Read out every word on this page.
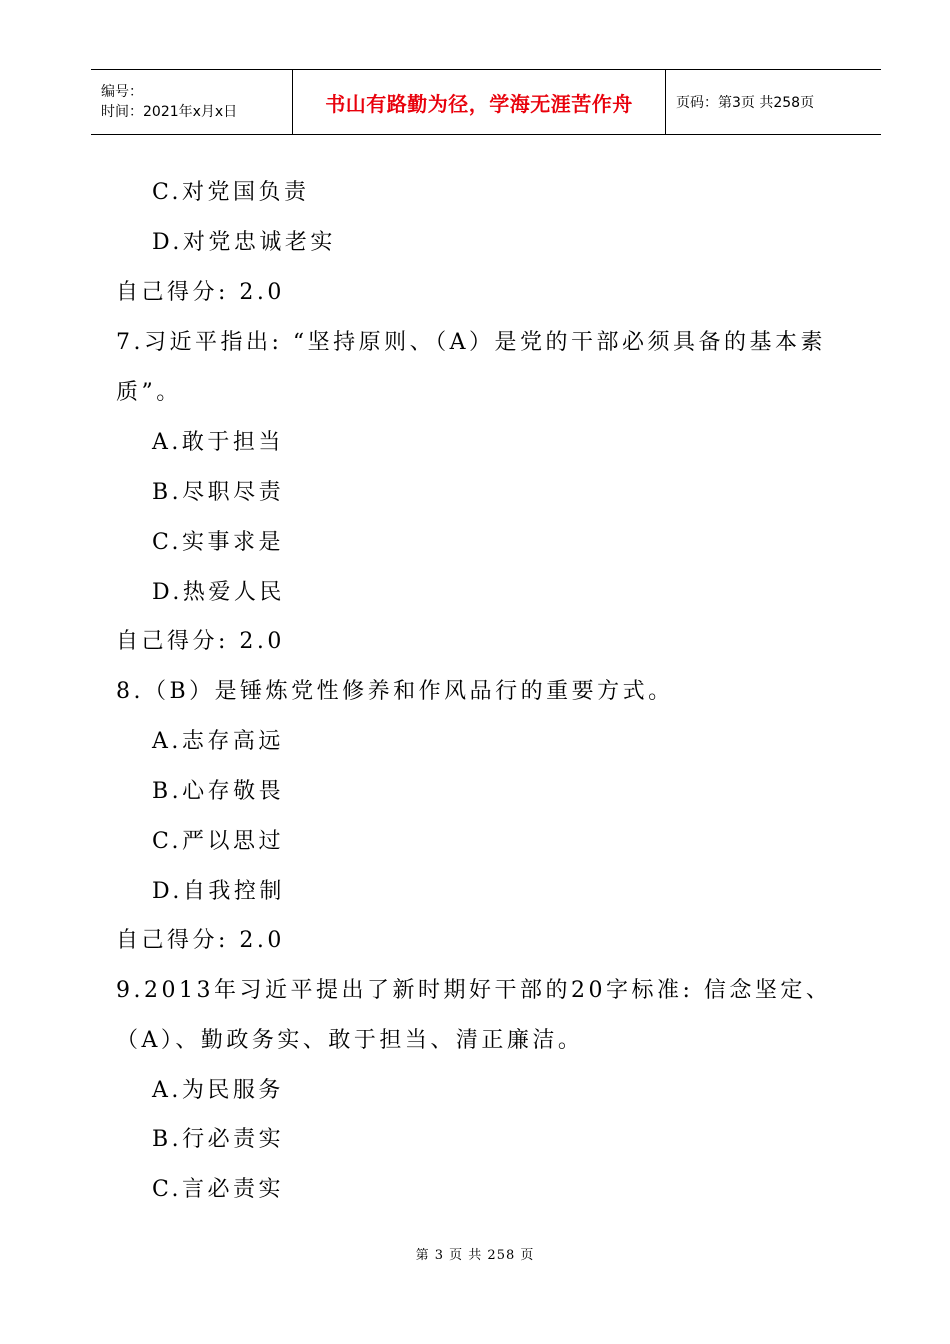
编号：
时间：2021年x月x日	书山有路勤为径，学海无涯苦作舟	页码：第3页 共258页
C.对党国负责
D.对党忠诚老实
自己得分: 2.0
7.习近平指出: “坚持原则、（A）是党的干部必须具备的基本素
质”。
A.敢于担当
B.尽职尽责
C.实事求是
D.热爱人民
自己得分: 2.0
8.（B）是锤炼党性修养和作风品行的重要方式。
A.志存高远
B.心存敬畏
C.严以思过
D.自我控制
自己得分: 2.0
9.2013年习近平提出了新时期好干部的20字标准: 信念坚定、
（A）、勤政务实、敢于担当、清正廉洁。
A.为民服务
B.行必责实
C.言必责实
第 3 页 共 258 页
